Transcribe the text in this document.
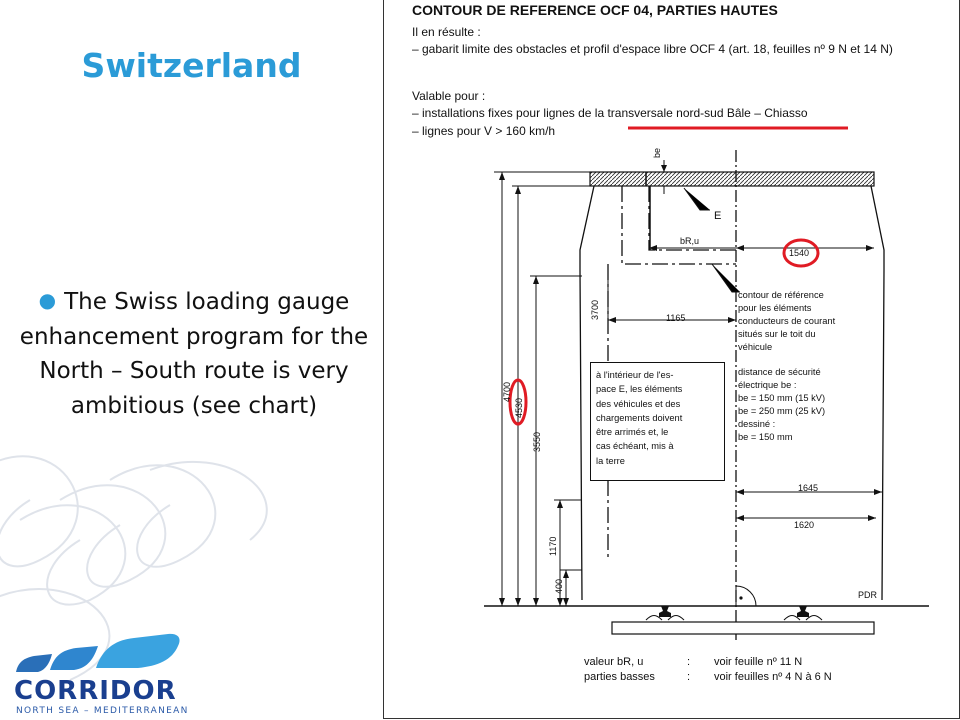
Switzerland
● The Swiss loading gauge enhancement program for the North – South route is very ambitious (see chart)
CORRIDOR
NORTH SEA – MEDITERRANEAN
CONTOUR DE REFERENCE OCF 04, PARTIES HAUTES
Il en résulte :
– gabarit limite des obstacles et profil d'espace libre OCF 4 (art. 18, feuilles nº 9 N et 14 N)
Valable pour :
– installations fixes pour lignes de la transversale nord-sud Bâle – Chiasso
– lignes pour V > 160 km/h
be
E
bR,u
1540
3700	1165
4700
4530
3550
1170
400
1645
1620
PDR
à l'intérieur de l'es-
pace E, les éléments
des véhicules et des
chargements doivent
être arrimés et, le
cas échéant, mis à
la terre
contour de référence
pour les éléments
conducteurs de courant
situés sur le toit du
véhicule
distance de sécurité
électrique be :
be = 150 mm (15 kV)
be = 250 mm (25 kV)
dessiné :
be = 150 mm
valeur bR, u	: voir feuille nº 11 N
parties basses	: voir feuilles nº 4 N à 6 N
